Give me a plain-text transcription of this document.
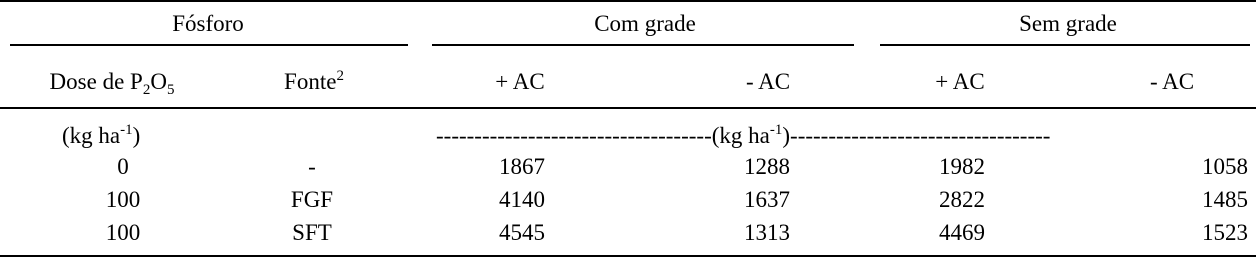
Fósforo	Com grade	Sem grade
Dose de $P_2O_5$	Fonte$^2$	+ AC	- AC	+ AC	- AC
(kg $ha^{-1}$)	------------------------------------(kg $ha^{-1})----------------------------------$
0	-	1867	1288	1982	1058
100	FGF	4140	1637	2822	1485
100	SFT	4545	1313	4469	1523
